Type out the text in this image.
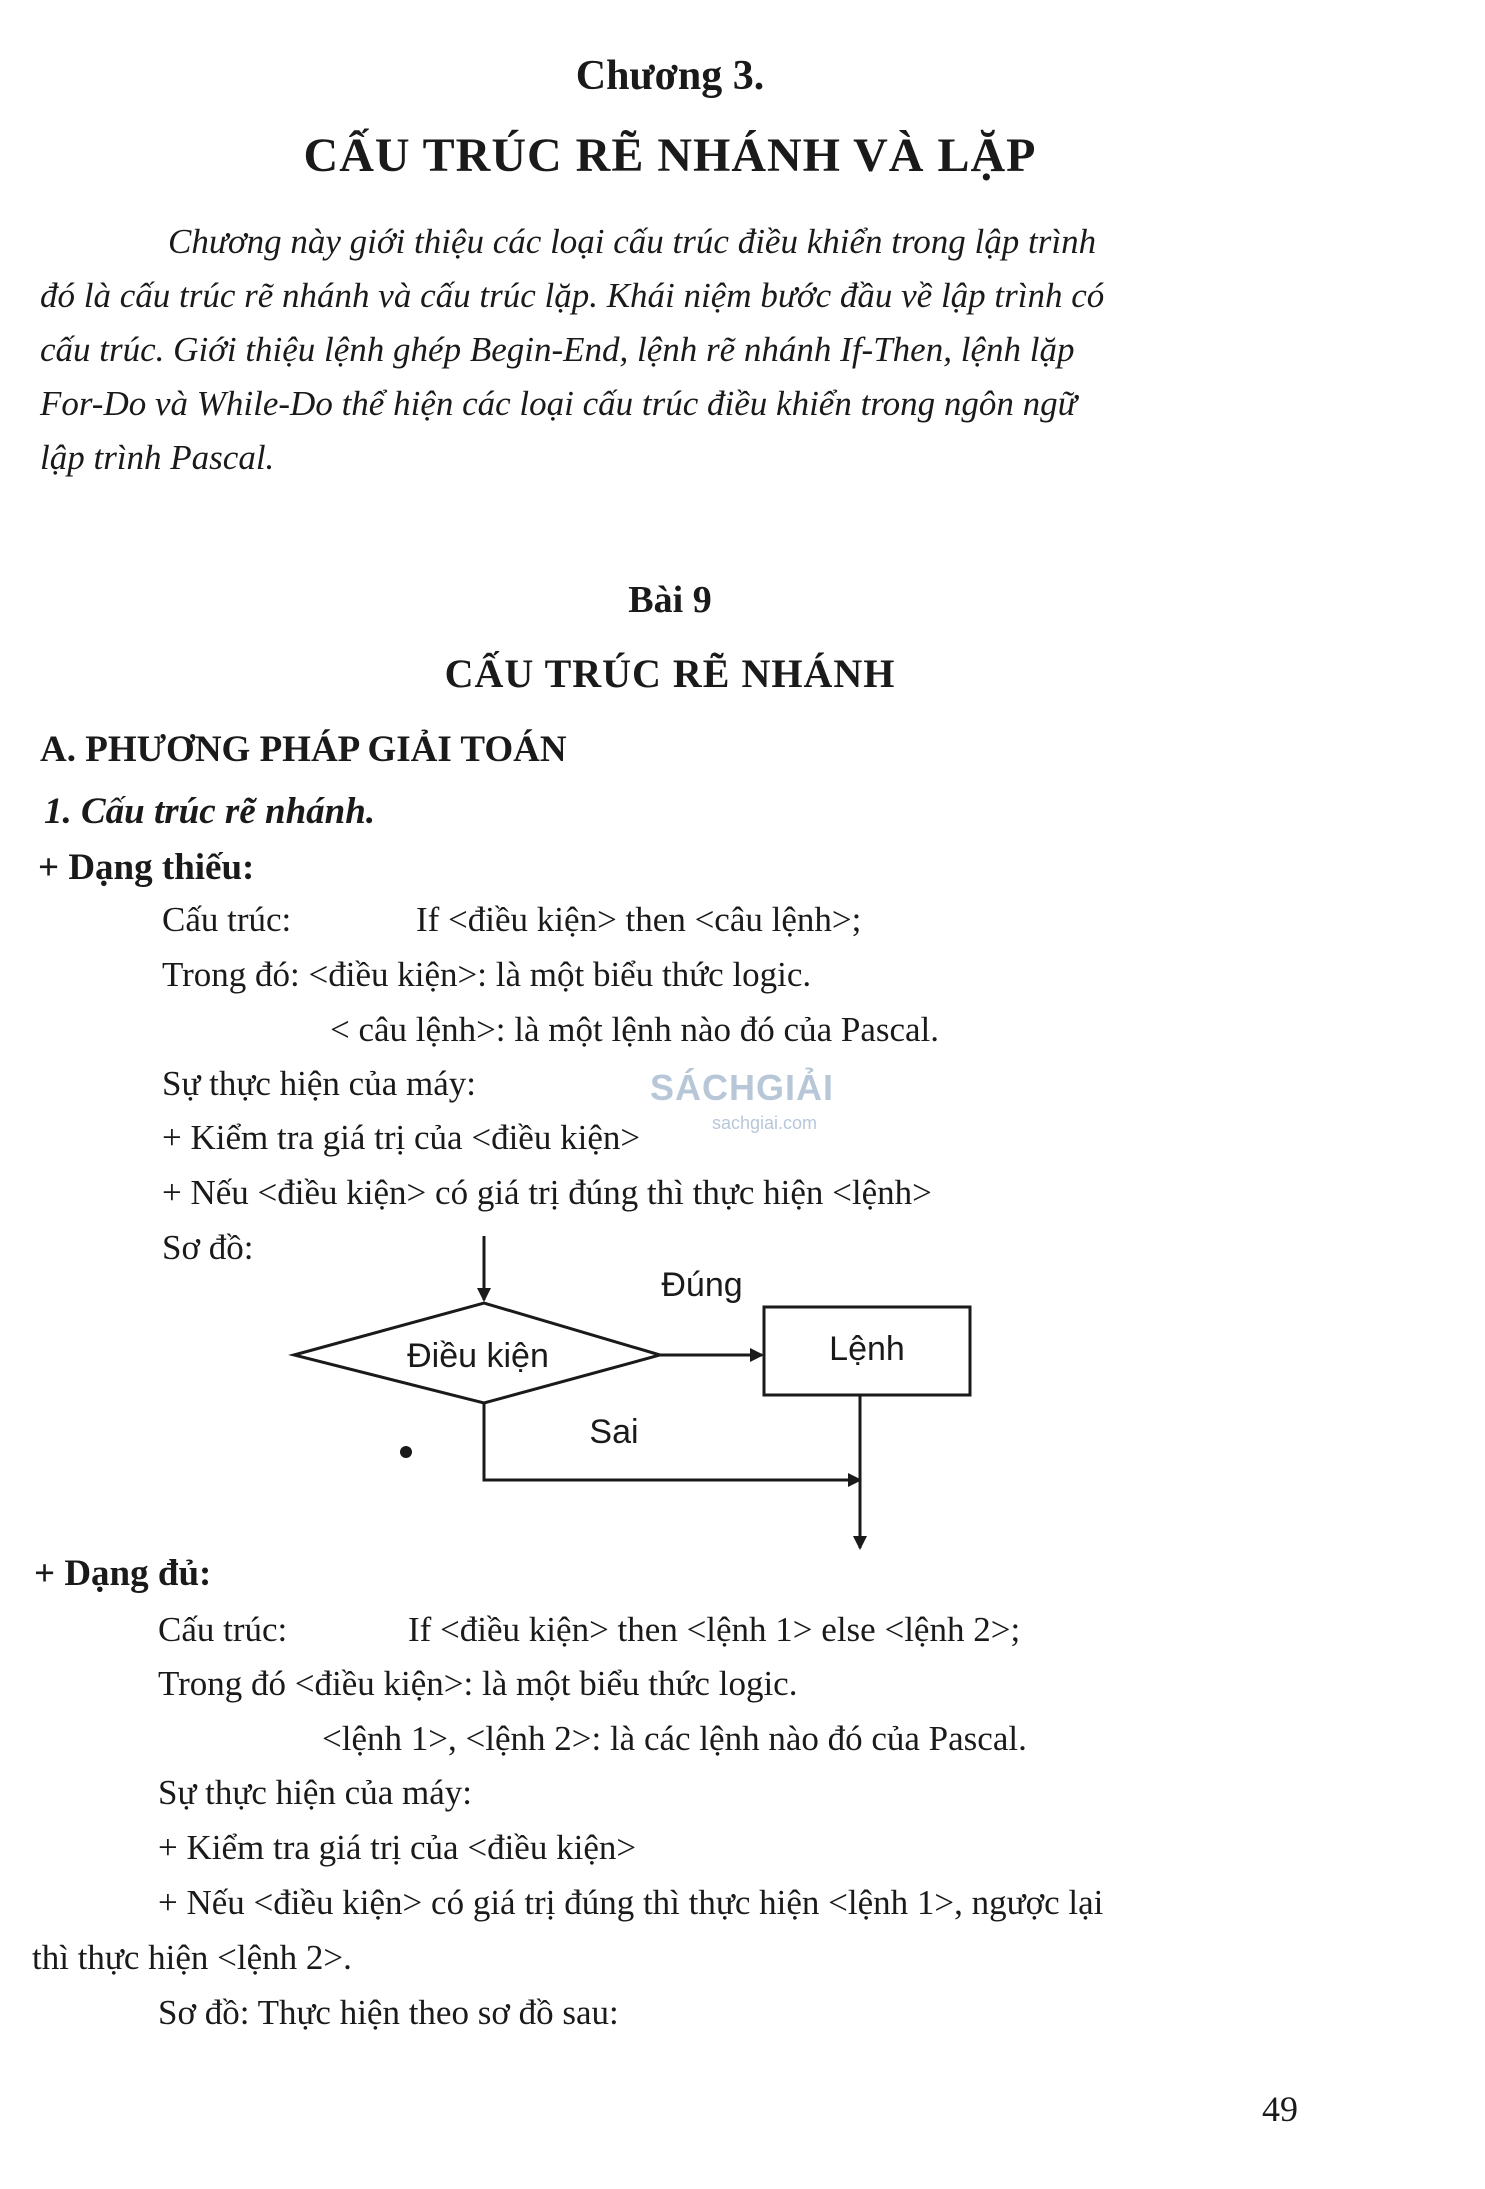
Chương 3.
CẤU TRÚC RẼ NHÁNH VÀ LẶP
Chương này giới thiệu các loại cấu trúc điều khiển trong lập trình
đó là cấu trúc rẽ nhánh và cấu trúc lặp. Khái niệm bước đầu về lập trình có
cấu trúc. Giới thiệu lệnh ghép Begin-End, lệnh rẽ nhánh If-Then, lệnh lặp
For-Do và While-Do thể hiện các loại cấu trúc điều khiển trong ngôn ngữ
lập trình Pascal.
Bài 9
CẤU TRÚC RẼ NHÁNH
A. PHƯƠNG PHÁP GIẢI TOÁN
1. Cấu trúc rẽ nhánh.
+ Dạng thiếu:
Cấu trúc:	If <điều kiện> then <câu lệnh>;
Trong đó: <điều kiện>: là một biểu thức logic.
< câu lệnh>: là một lệnh nào đó của Pascal.
Sự thực hiện của máy:	SÁCHGIẢI
sachgiai.com
+ Kiểm tra giá trị của <điều kiện>
+ Nếu <điều kiện> có giá trị đúng thì thực hiện <lệnh>
Sơ đồ:
Điều kiện
Đúng
Lệnh
Sai
+ Dạng đủ:
Cấu trúc:	If <điều kiện> then <lệnh 1> else <lệnh 2>;
Trong đó <điều kiện>: là một biểu thức logic.
<lệnh 1>, <lệnh 2>: là các lệnh nào đó của Pascal.
Sự thực hiện của máy:
+ Kiểm tra giá trị của <điều kiện>
+ Nếu <điều kiện> có giá trị đúng thì thực hiện <lệnh 1>, ngược lại
thì thực hiện <lệnh 2>.
Sơ đồ: Thực hiện theo sơ đồ sau:
49
